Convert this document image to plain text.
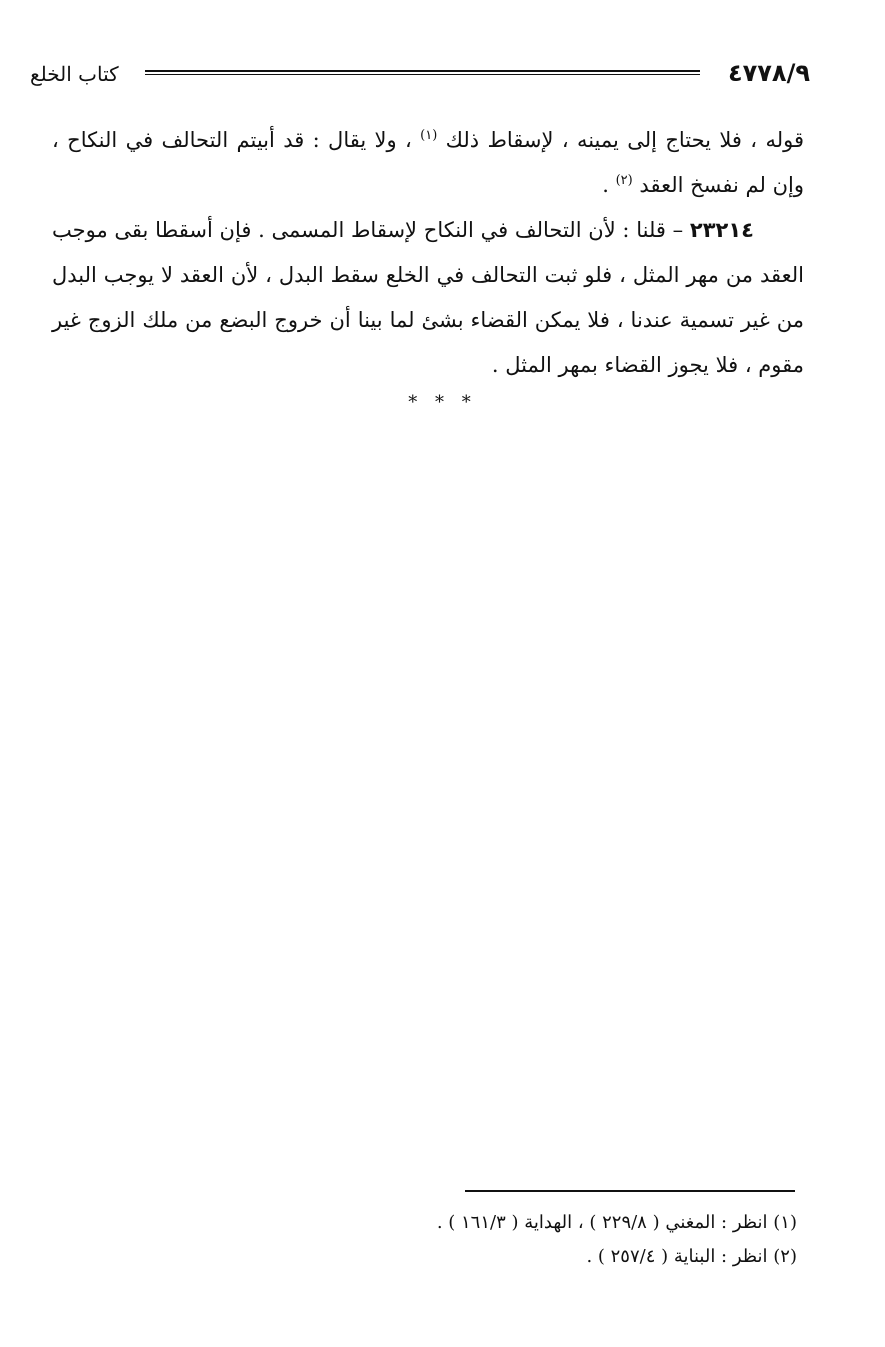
٤٧٧٨/٩
كتاب الخلع

قوله ، فلا يحتاج إلى يمينه ، لإسقاط ذلك $^{(١)}$ ، ولا يقال : قد أبيتم التحالف في النكاح ، وإن لم نفسخ العقد $^{(٢)}$ .

٢٣٢١٤ – قلنا : لأن التحالف في النكاح لإسقاط المسمى . فإن أسقطا بقى موجب العقد من مهر المثل ، فلو ثبت التحالف في الخلع سقط البدل ، لأن العقد لا يوجب البدل من غير تسمية عندنا ، فلا يمكن القضاء بشئ لما بينا أن خروج البضع من ملك الزوج غير مقوم ، فلا يجوز القضاء بمهر المثل .

* * *

(١) انظر : المغني ( ٢٢٩/٨ ) ، الهداية ( ١٦١/٣ ) .

(٢) انظر : البناية ( ٢٥٧/٤ ) .
